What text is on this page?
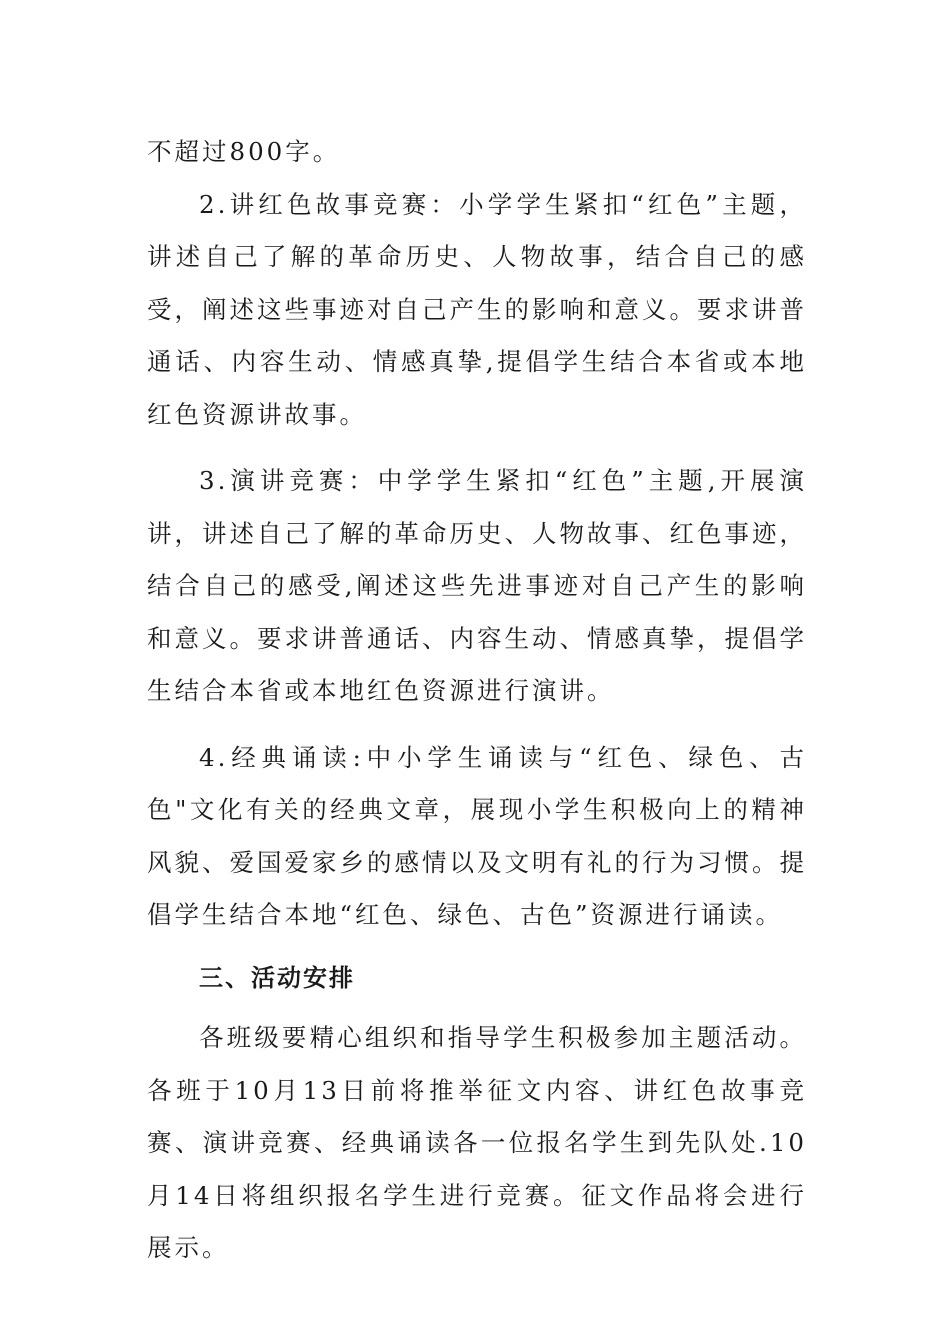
不超过800字。

2.讲红色故事竞赛：小学学生紧扣“红色”主题，讲述自己了解的革命历史、人物故事，结合自己的感受，阐述这些事迹对自己产生的影响和意义。要求讲普通话、内容生动、情感真挚,提倡学生结合本省或本地红色资源讲故事。

3.演讲竞赛：中学学生紧扣“红色”主题,开展演讲，讲述自己了解的革命历史、人物故事、红色事迹，结合自己的感受,阐述这些先进事迹对自己产生的影响和意义。要求讲普通话、内容生动、情感真挚，提倡学生结合本省或本地红色资源进行演讲。

4.经典诵读:中小学生诵读与“红色、绿色、古色"文化有关的经典文章，展现小学生积极向上的精神风貌、爱国爱家乡的感情以及文明有礼的行为习惯。提倡学生结合本地“红色、绿色、古色”资源进行诵读。

三、活动安排

各班级要精心组织和指导学生积极参加主题活动。各班于10月13日前将推举征文内容、讲红色故事竞赛、演讲竞赛、经典诵读各一位报名学生到先队处.10月14日将组织报名学生进行竞赛。征文作品将会进行展示。
